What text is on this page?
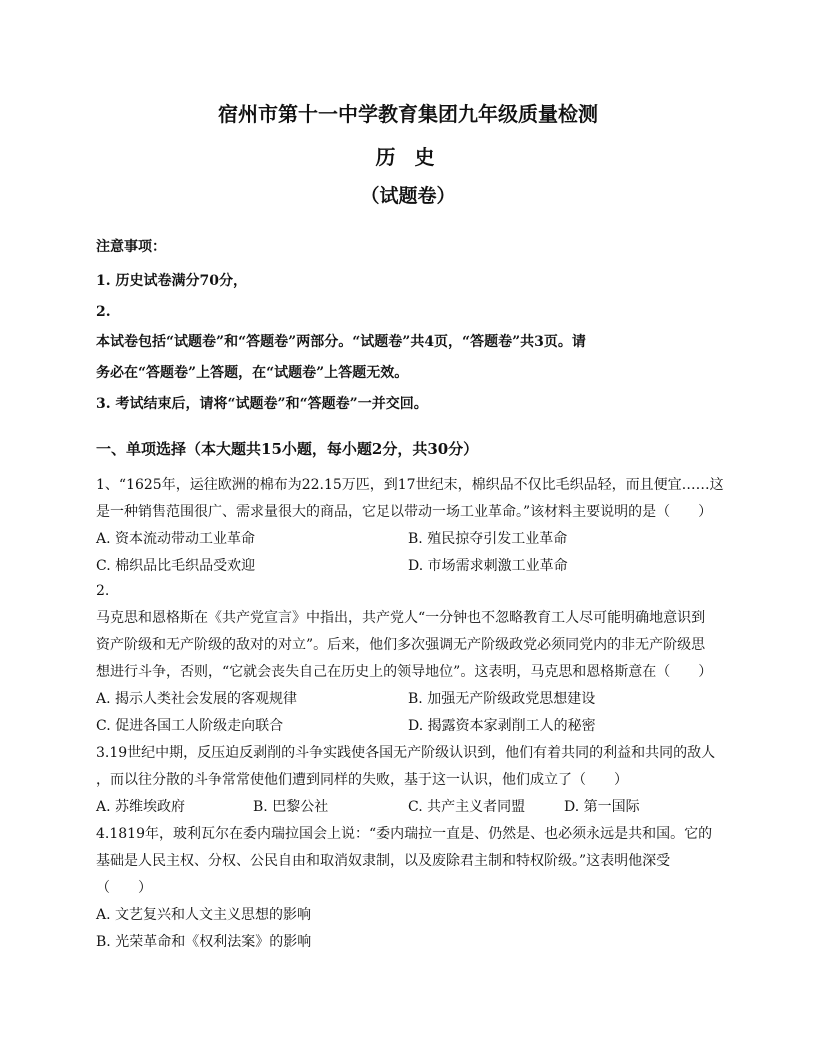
宿州市第十一中学教育集团九年级质量检测
历 史
（试题卷）
注意事项：
1. 历史试卷满分70分，
2.
本试卷包括“试题卷”和“答题卷”两部分。“试题卷”共4页，“答题卷”共3页。请
务必在“答题卷”上答题，在“试题卷”上答题无效。
3. 考试结束后，请将“试题卷”和“答题卷”一并交回。
一、单项选择（本大题共15小题，每小题2分，共30分）
1、“1625年，运往欧洲的棉布为22.15万匹，到17世纪末，棉织品不仅比毛织品轻，而且便宜……这
是一种销售范围很广、需求量很大的商品，它足以带动一场工业革命。”该材料主要说明的是（　　）
A. 资本流动带动工业革命	B. 殖民掠夺引发工业革命
C. 棉织品比毛织品受欢迎	D. 市场需求刺激工业革命
2.
马克思和恩格斯在《共产党宣言》中指出，共产党人“一分钟也不忽略教育工人尽可能明确地意识到
资产阶级和无产阶级的敌对的对立”。后来，他们多次强调无产阶级政党必须同党内的非无产阶级思
想进行斗争，否则，“它就会丧失自己在历史上的领导地位”。这表明，马克思和恩格斯意在（　　）
A. 揭示人类社会发展的客观规律	B. 加强无产阶级政党思想建设
C. 促进各国工人阶级走向联合	D. 揭露资本家剥削工人的秘密
3.19世纪中期，反压迫反剥削的斗争实践使各国无产阶级认识到，他们有着共同的利益和共同的敌人
，而以往分散的斗争常常使他们遭到同样的失败，基于这一认识，他们成立了（　　）
A. 苏维埃政府	B. 巴黎公社	C. 共产主义者同盟	D. 第一国际
4.1819年，玻利瓦尔在委内瑞拉国会上说：“委内瑞拉一直是、仍然是、也必须永远是共和国。它的
基础是人民主权、分权、公民自由和取消奴隶制，以及废除君主制和特权阶级。”这表明他深受
（　　）
A. 文艺复兴和人文主义思想的影响
B. 光荣革命和《权利法案》的影响
